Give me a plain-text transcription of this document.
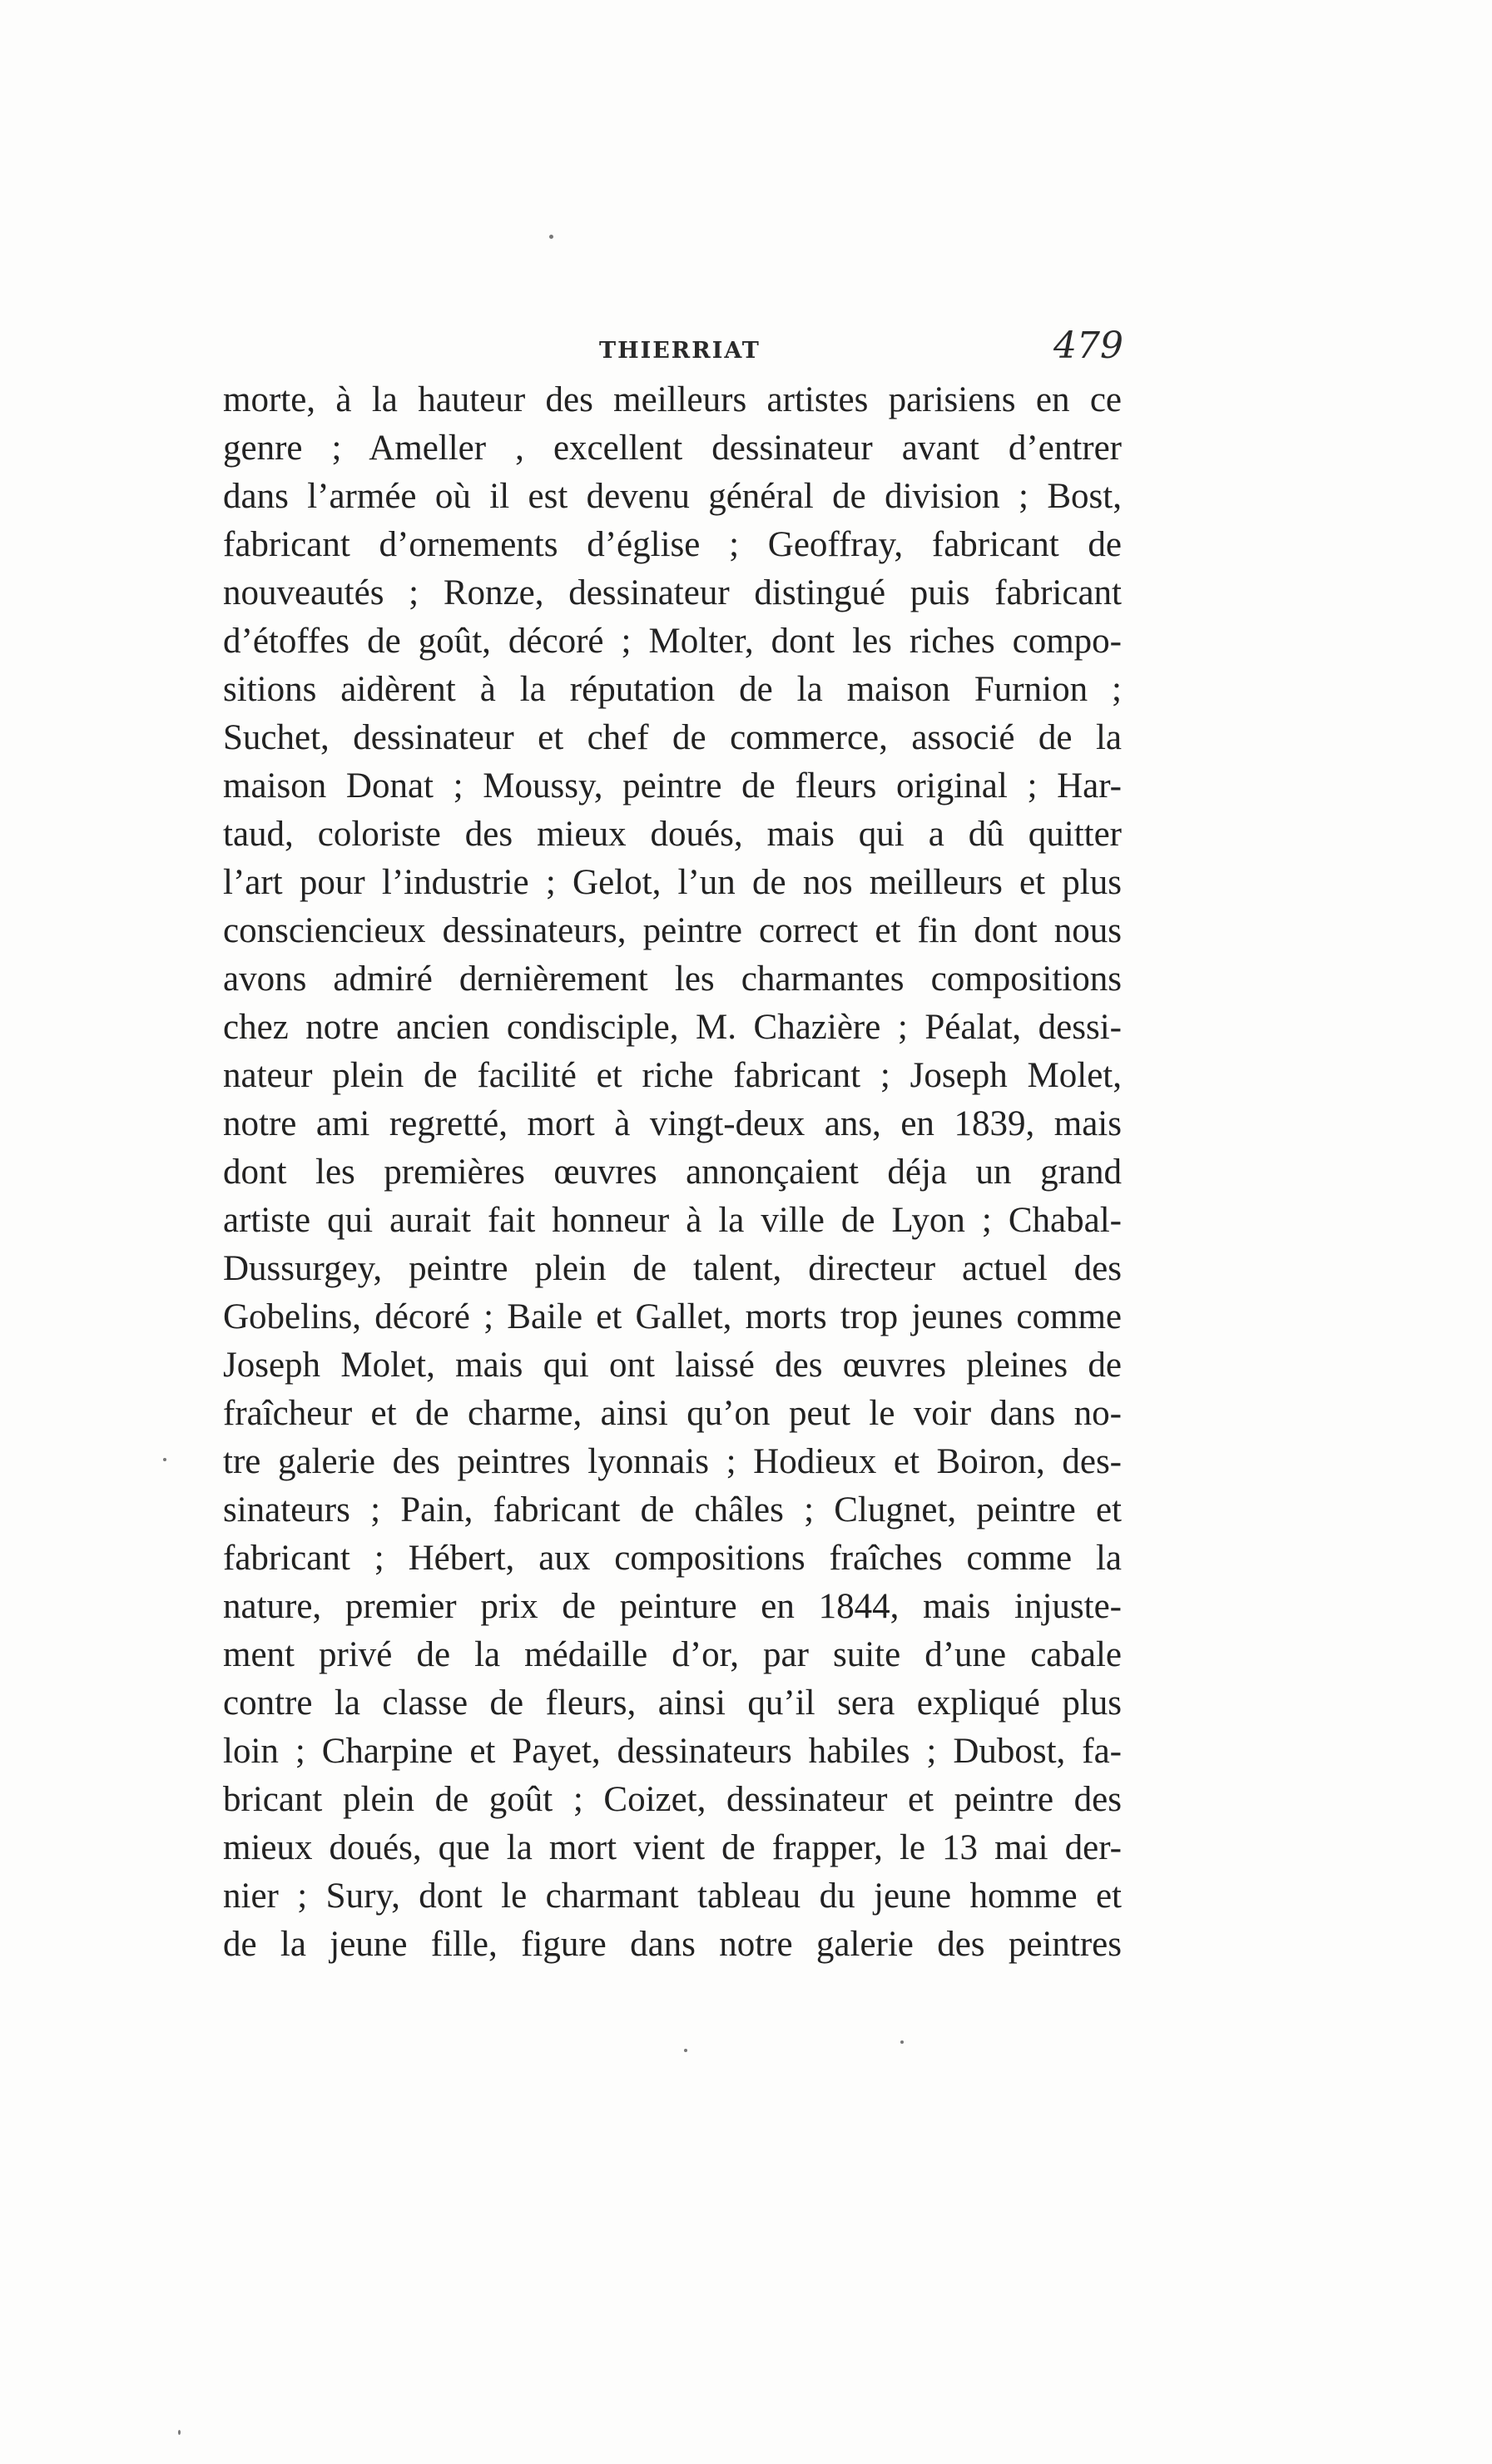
THIERRIAT	479
morte, à la hauteur des meilleurs artistes parisiens en ce
genre ; Ameller , excellent dessinateur avant d’entrer
dans l’armée où il est devenu général de division ; Bost,
fabricant d’ornements d’église ; Geoffray, fabricant de
nouveautés ; Ronze, dessinateur distingué puis fabricant
d’étoffes de goût, décoré ; Molter, dont les riches compo-
sitions aidèrent à la réputation de la maison Furnion ;
Suchet, dessinateur et chef de commerce, associé de la
maison Donat ; Moussy, peintre de fleurs original ; Har-
taud, coloriste des mieux doués, mais qui a dû quitter
l’art pour l’industrie ; Gelot, l’un de nos meilleurs et plus
consciencieux dessinateurs, peintre correct et fin dont nous
avons admiré dernièrement les charmantes compositions
chez notre ancien condisciple, M. Chazière ; Péalat, dessi-
nateur plein de facilité et riche fabricant ; Joseph Molet,
notre ami regretté, mort à vingt-deux ans, en 1839, mais
dont les premières œuvres annonçaient déja un grand
artiste qui aurait fait honneur à la ville de Lyon ; Chabal-
Dussurgey, peintre plein de talent, directeur actuel des
Gobelins, décoré ; Baile et Gallet, morts trop jeunes comme
Joseph Molet, mais qui ont laissé des œuvres pleines de
fraîcheur et de charme, ainsi qu’on peut le voir dans no-
tre galerie des peintres lyonnais ; Hodieux et Boiron, des-
sinateurs ; Pain, fabricant de châles ; Clugnet, peintre et
fabricant ; Hébert, aux compositions fraîches comme la
nature, premier prix de peinture en 1844, mais injuste-
ment privé de la médaille d’or, par suite d’une cabale
contre la classe de fleurs, ainsi qu’il sera expliqué plus
loin ; Charpine et Payet, dessinateurs habiles ; Dubost, fa-
bricant plein de goût ; Coizet, dessinateur et peintre des
mieux doués, que la mort vient de frapper, le 13 mai der-
nier ; Sury, dont le charmant tableau du jeune homme et
de la jeune fille, figure dans notre galerie des peintres
